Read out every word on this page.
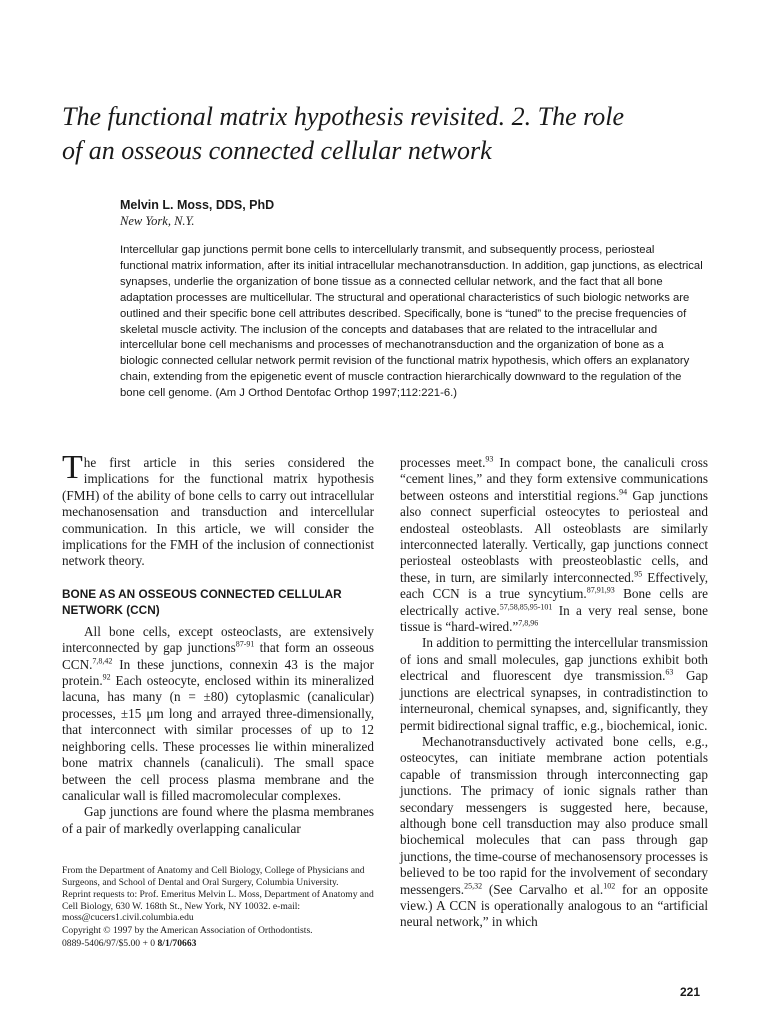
The functional matrix hypothesis revisited. 2. The role
of an osseous connected cellular network
Melvin L. Moss, DDS, PhD
New York, N.Y.

Intercellular gap junctions permit bone cells to intercellularly transmit, and subsequently process, periosteal functional matrix information, after its initial intracellular mechanotransduction. In addition, gap junctions, as electrical synapses, underlie the organization of bone tissue as a connected cellular network, and the fact that all bone adaptation processes are multicellular. The structural and operational characteristics of such biologic networks are outlined and their specific bone cell attributes described. Specifically, bone is “tuned” to the precise frequencies of skeletal muscle activity. The inclusion of the concepts and databases that are related to the intracellular and intercellular bone cell mechanisms and processes of mechanotransduction and the organization of bone as a biologic connected cellular network permit revision of the functional matrix hypothesis, which offers an explanatory chain, extending from the epigenetic event of muscle contraction hierarchically downward to the regulation of the bone cell genome. (Am J Orthod Dentofac Orthop 1997;112:221-6.)

The first article in this series considered the implications for the functional matrix hypothesis (FMH) of the ability of bone cells to carry out intracellular mechanosensation and transduction and intercellular communication. In this article, we will consider the implications for the FMH of the inclusion of connectionist network theory.

BONE AS AN OSSEOUS CONNECTED CELLULAR NETWORK (CCN)

All bone cells, except osteoclasts, are extensively interconnected by gap junctions$^{87-91}$ that form an osseous CCN.$^{7,8,42}$ In these junctions, connexin 43 is the major protein.$^{92}$ Each osteocyte, enclosed within its mineralized lacuna, has many (n = ±80) cytoplasmic (canalicular) processes, ±15 μm long and arrayed three-dimensionally, that interconnect with similar processes of up to 12 neighboring cells. These processes lie within mineralized bone matrix channels (canaliculi). The small space between the cell process plasma membrane and the canalicular wall is filled macromolecular complexes.

Gap junctions are found where the plasma membranes of a pair of markedly overlapping canalicular

processes meet.$^{93}$ In compact bone, the canaliculi cross “cement lines,” and they form extensive communications between osteons and interstitial regions.$^{94}$ Gap junctions also connect superficial osteocytes to periosteal and endosteal osteoblasts. All osteoblasts are similarly interconnected laterally. Vertically, gap junctions connect periosteal osteoblasts with preosteoblastic cells, and these, in turn, are similarly interconnected.$^{95}$ Effectively, each CCN is a true syncytium.$^{87,91,93}$ Bone cells are electrically active.$^{57,58,85,95-101}$ In a very real sense, bone tissue is “hard-wired.”$^{7,8,96}$

In addition to permitting the intercellular transmission of ions and small molecules, gap junctions exhibit both electrical and fluorescent dye transmission.$^{63}$ Gap junctions are electrical synapses, in contradistinction to interneuronal, chemical synapses, and, significantly, they permit bidirectional signal traffic, e.g., biochemical, ionic.

Mechanotransductively activated bone cells, e.g., osteocytes, can initiate membrane action potentials capable of transmission through interconnecting gap junctions. The primacy of ionic signals rather than secondary messengers is suggested here, because, although bone cell transduction may also produce small biochemical molecules that can pass through gap junctions, the time-course of mechanosensory processes is believed to be too rapid for the involvement of secondary messengers.$^{25,32}$ (See Carvalho et al.$^{102}$ for an opposite view.) A CCN is operationally analogous to an “artificial neural network,” in which

From the Department of Anatomy and Cell Biology, College of Physicians and Surgeons, and School of Dental and Oral Surgery, Columbia University.

Reprint requests to: Prof. Emeritus Melvin L. Moss, Department of Anatomy and Cell Biology, 630 W. 168th St., New York, NY 10032. e-mail: moss@cucers1.civil.columbia.edu

Copyright © 1997 by the American Association of Orthodontists.

0889-5406/97/$5.00 + 0 8/1/70663

221
